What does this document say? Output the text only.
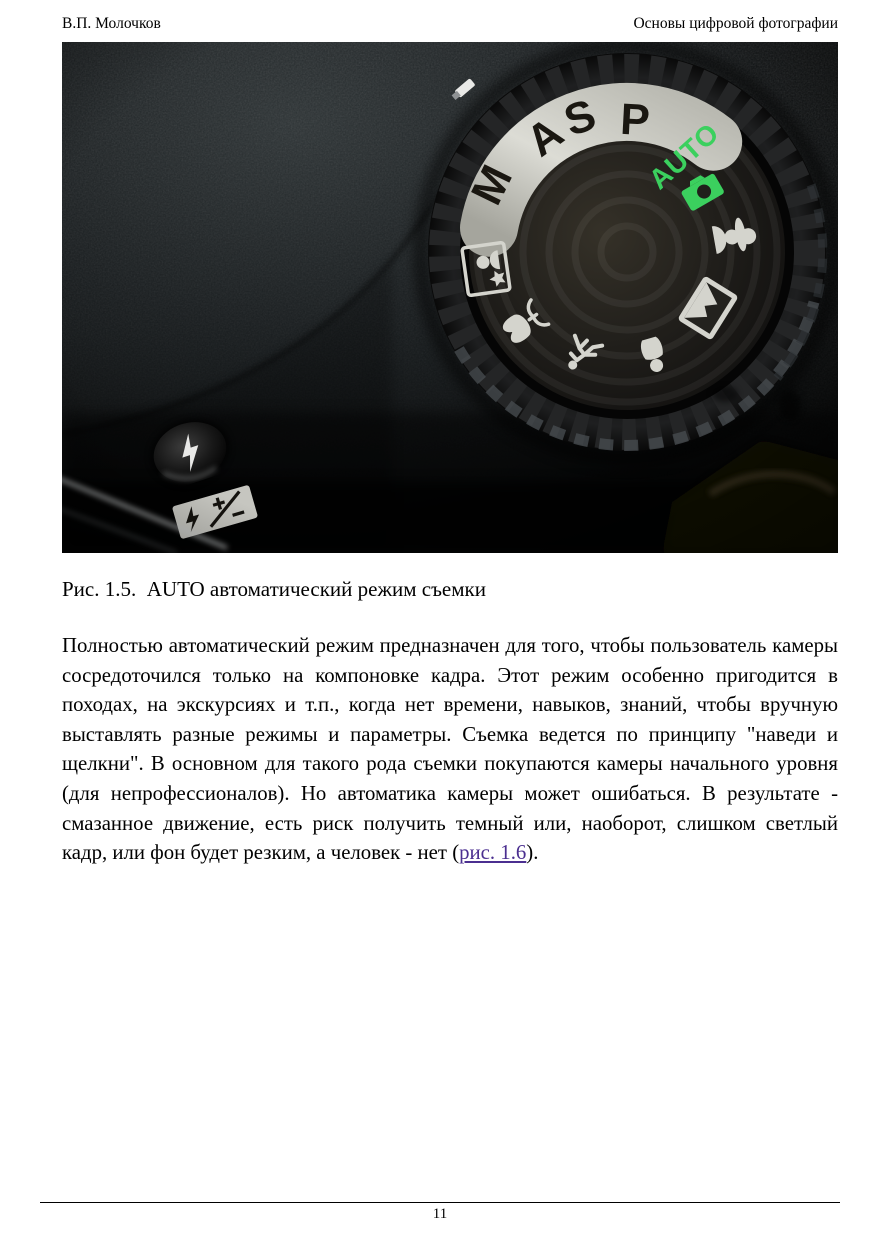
В.П. Молочков	Основы цифровой фотографии
Рис. 1.5.  AUTO автоматический режим съемки

Полностью автоматический режим предназначен для того, чтобы пользователь камеры сосредоточился только на компоновке кадра. Этот режим особенно пригодится в походах, на экскурсиях и т.п., когда нет времени, навыков, знаний, чтобы вручную выставлять разные режимы и параметры. Съемка ведется по принципу "наведи и щелкни". В основном для такого рода съемки покупаются камеры начального уровня (для непрофессионалов). Но автоматика камеры может ошибаться. В результате - смазанное движение, есть риск получить темный или, наоборот, слишком светлый кадр, или фон будет резким, а человек - нет (рис. 1.6).

11
